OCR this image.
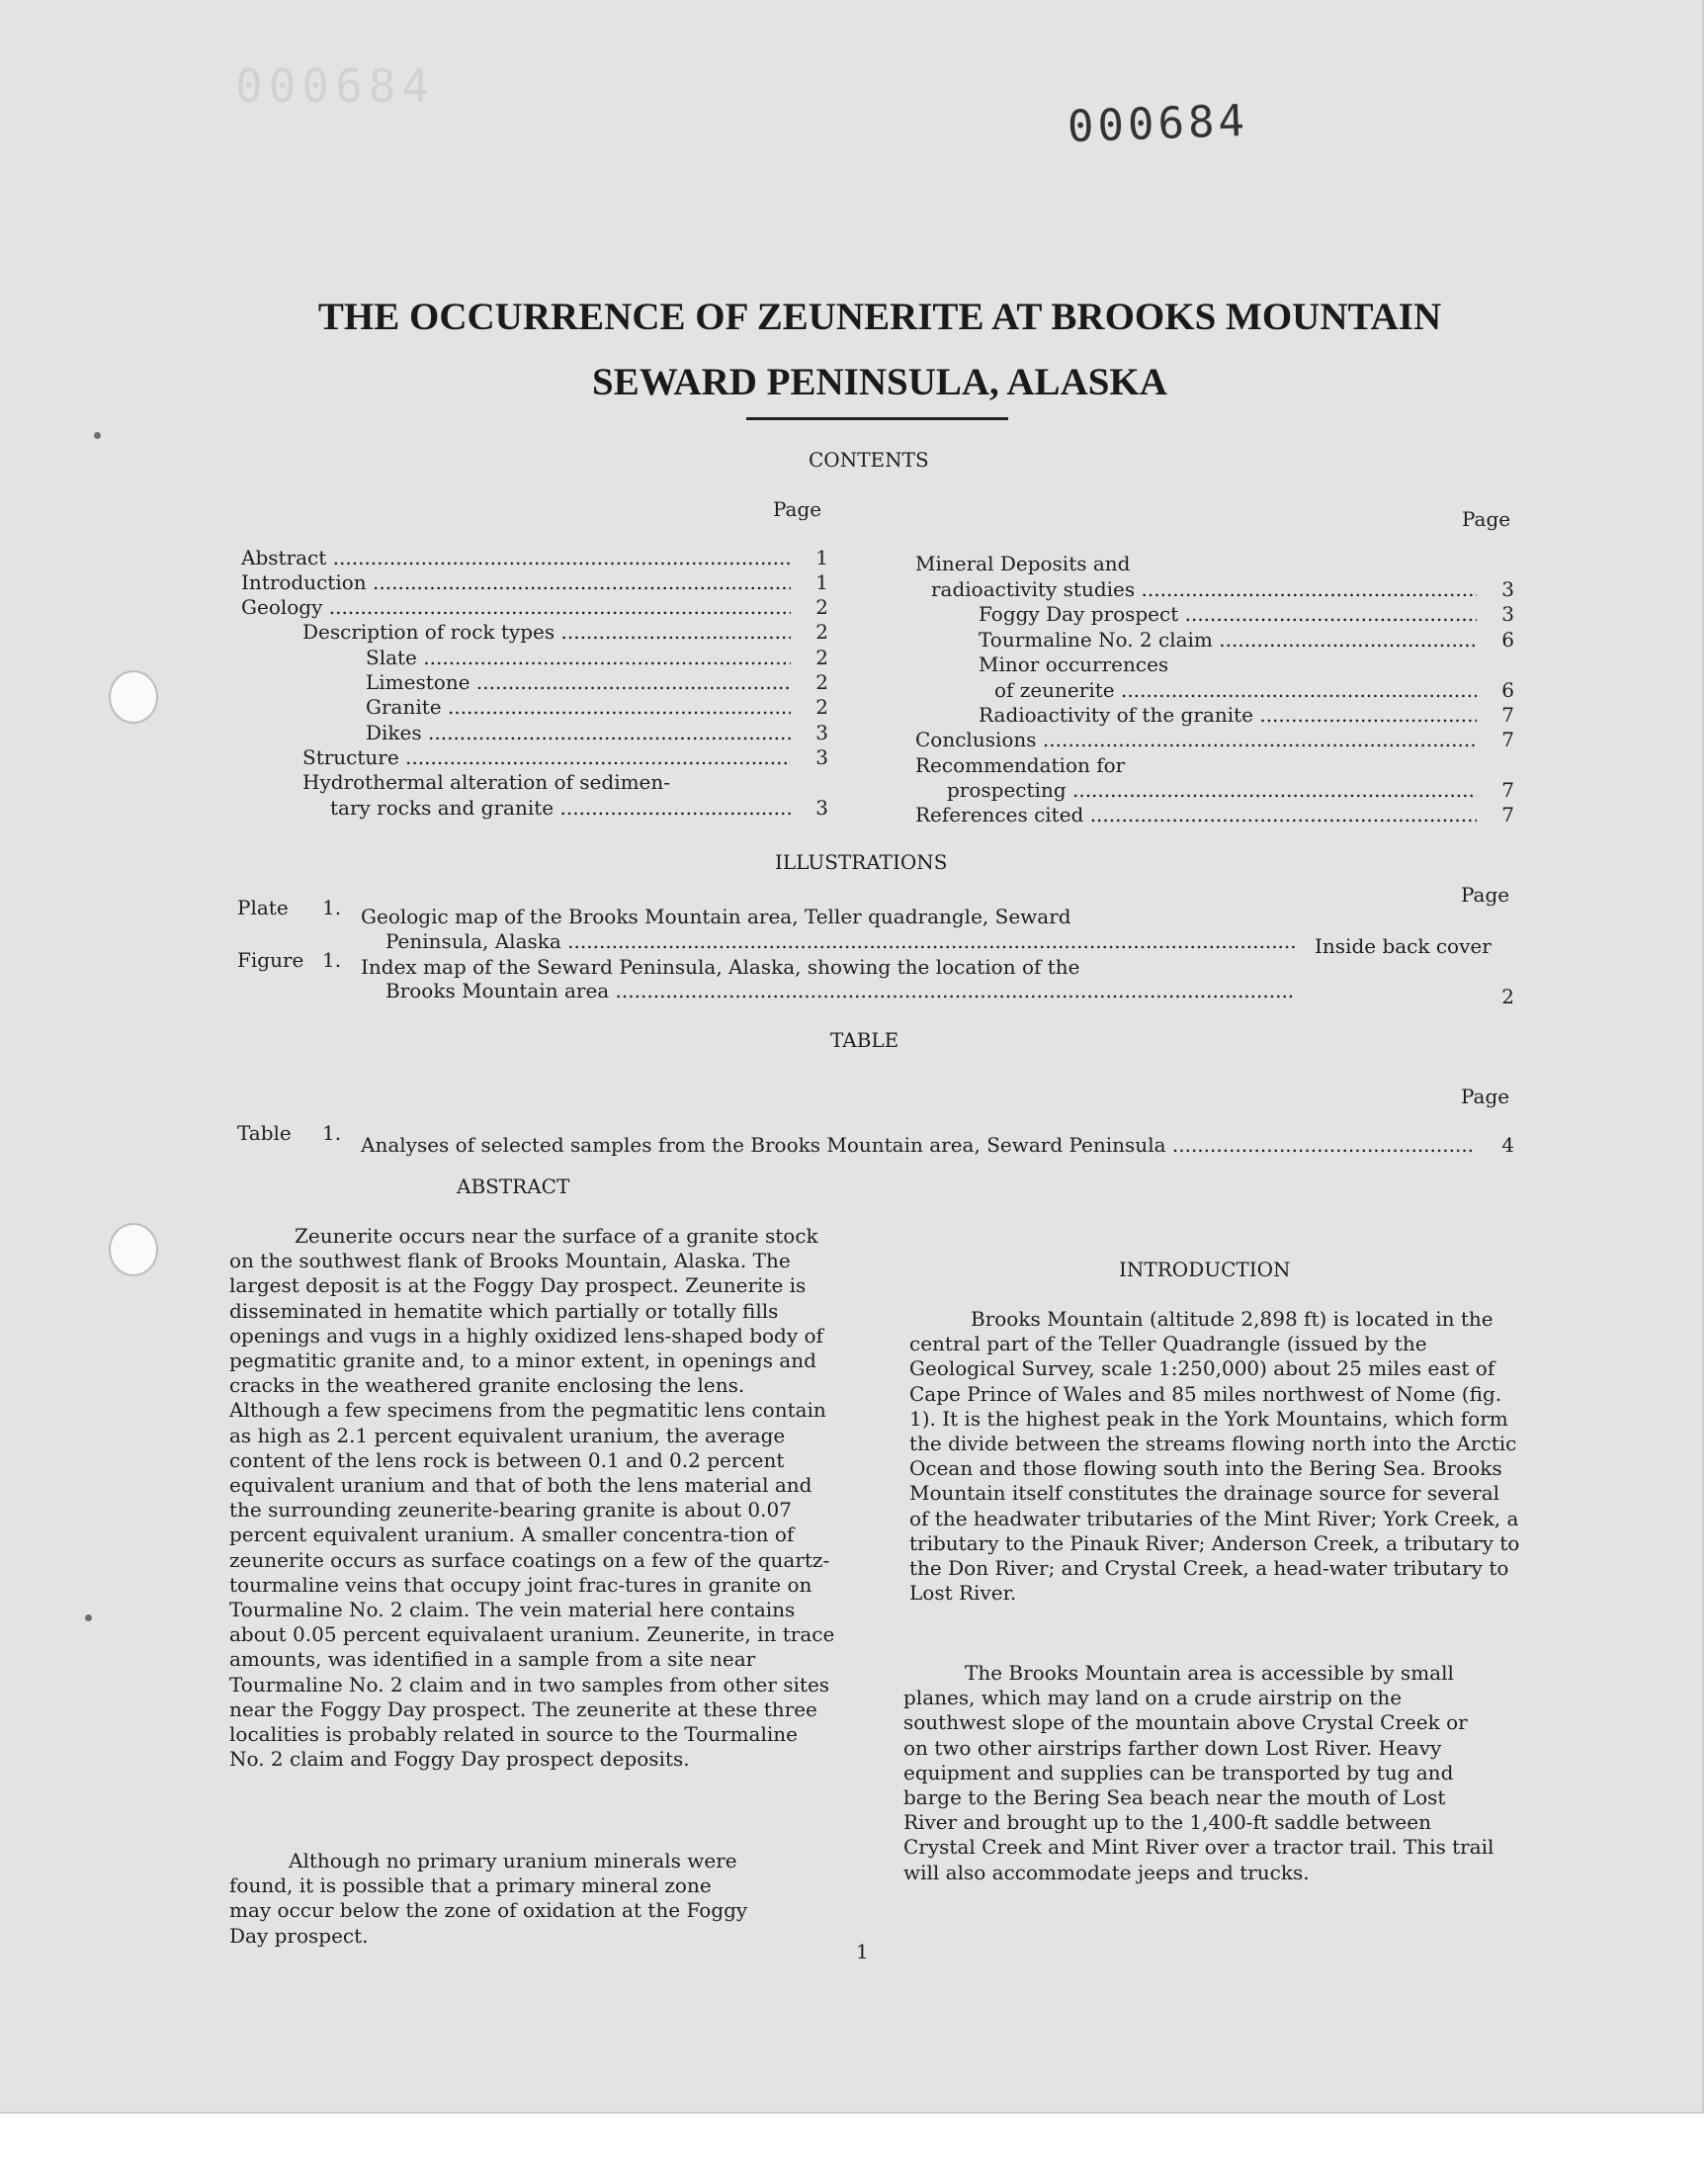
000684
000684
THE OCCURRENCE OF ZEUNERITE AT BROOKS MOUNTAIN
SEWARD PENINSULA, ALASKA
CONTENTS
Page	Page
Abstract .....	1
Introduction .....	1
Geology .....	2
Description of rock types .....	2
Slate .....	2
Limestone .....	2
Granite .....	2
Dikes .....	3
Structure .....	3
Hydrothermal alteration of sedimen-
tary rocks and granite .....	3
Mineral Deposits and
radioactivity studies .....	3
Foggy Day prospect .....	3
Tourmaline No. 2 claim .....	6
Minor occurrences
of zeunerite .....	6
Radioactivity of the granite .....	7
Conclusions .....	7
Recommendation for
prospecting .....	7
References cited .....	7
ILLUSTRATIONS
Page
Plate 1. Geologic map of the Brooks Mountain area, Teller quadrangle, Seward
Peninsula, Alaska .....	Inside back cover
Figure 1. Index map of the Seward Peninsula, Alaska, showing the location of the
Brooks Mountain area .....	2
TABLE
Page
Table 1. Analyses of selected samples from the Brooks Mountain area, Seward Peninsula .....	4
ABSTRACT
Zeunerite occurs near the surface of a granite stock on the southwest flank of Brooks Mountain, Alaska. The largest deposit is at the Foggy Day prospect. Zeunerite is disseminated in hematite which partially or totally fills openings and vugs in a highly oxidized lens-shaped body of pegmatitic granite and, to a minor extent, in openings and cracks in the weathered granite enclosing the lens. Although a few specimens from the pegmatitic lens contain as high as 2.1 percent equivalent uranium, the average content of the lens rock is between 0.1 and 0.2 percent equivalent uranium and that of both the lens material and the surrounding zeunerite-bearing granite is about 0.07 percent equivalent uranium. A smaller concentra-tion of zeunerite occurs as surface coatings on a few of the quartz-tourmaline veins that occupy joint frac-tures in granite on Tourmaline No. 2 claim. The vein material here contains about 0.05 percent equivalaent uranium. Zeunerite, in trace amounts, was identified in a sample from a site near Tourmaline No. 2 claim and in two samples from other sites near the Foggy Day prospect. The zeunerite at these three localities is probably related in source to the Tourmaline No. 2 claim and Foggy Day prospect deposits.
Although no primary uranium minerals were found, it is possible that a primary mineral zone may occur below the zone of oxidation at the Foggy Day prospect.
INTRODUCTION
Brooks Mountain (altitude 2,898 ft) is located in the central part of the Teller Quadrangle (issued by the Geological Survey, scale 1:250,000) about 25 miles east of Cape Prince of Wales and 85 miles northwest of Nome (fig. 1). It is the highest peak in the York Mountains, which form the divide between the streams flowing north into the Arctic Ocean and those flowing south into the Bering Sea. Brooks Mountain itself constitutes the drainage source for several of the headwater tributaries of the Mint River; York Creek, a tributary to the Pinauk River; Anderson Creek, a tributary to the Don River; and Crystal Creek, a head-water tributary to Lost River.
The Brooks Mountain area is accessible by small planes, which may land on a crude airstrip on the southwest slope of the mountain above Crystal Creek or on two other airstrips farther down Lost River. Heavy equipment and supplies can be transported by tug and barge to the Bering Sea beach near the mouth of Lost River and brought up to the 1,400-ft saddle between Crystal Creek and Mint River over a tractor trail. This trail will also accommodate jeeps and trucks.
1
